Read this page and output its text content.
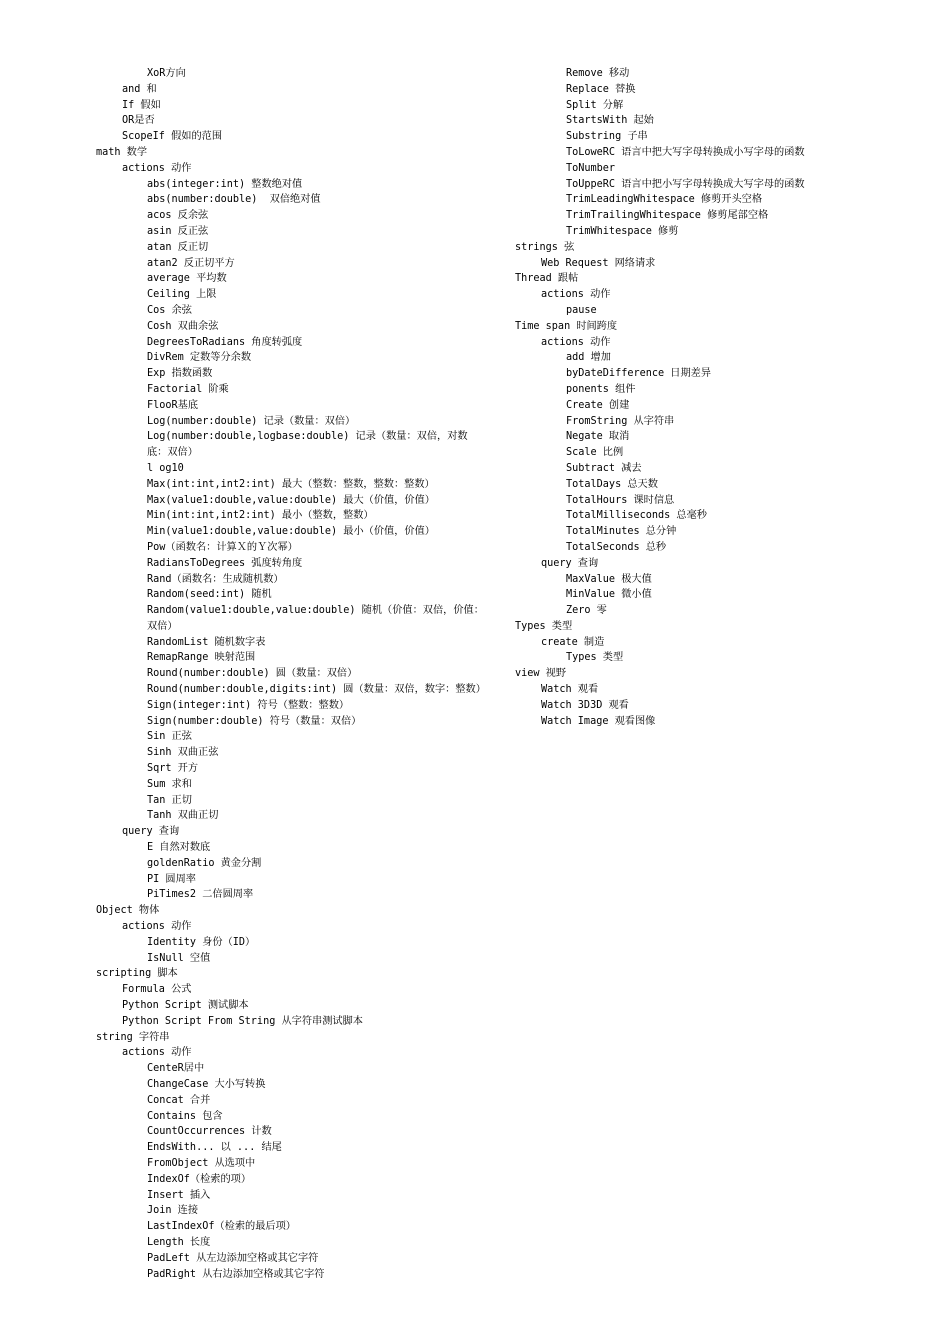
XoR方向
and 和
If 假如
OR是否
ScopeIf 假如的范围
math 数学
actions 动作
abs(integer:int) 整数绝对值
abs(number:double)  双倍绝对值
acos 反余弦
asin 反正弦
atan 反正切
atan2 反正切平方
average 平均数
Ceiling 上限
Cos 余弦
Cosh 双曲余弦
DegreesToRadians 角度转弧度
DivRem 定数等分余数
Exp 指数函数
Factorial 阶乘
FlooR基底
Log(number:double) 记录（数量：双倍）
Log(number:double,logbase:double) 记录（数量：双倍，对数
底：双倍）
l og10
Max(int:int,int2:int) 最大（整数：整数，整数：整数）
Max(value1:double,value:double) 最大（价值，价值）
Min(int:int,int2:int) 最小（整数，整数）
Min(value1:double,value:double) 最小（价值，价值）
Pow（函数名：计算Ｘ的Ｙ次幂）
RadiansToDegrees 弧度转角度
Rand（函数名：生成随机数）
Random(seed:int) 随机
Random(value1:double,value:double) 随机（价值：双倍，价值：
双倍）
RandomList 随机数字表
RemapRange 映射范围
Round(number:double) 圆（数量：双倍）
Round(number:double,digits:int) 圆（数量：双倍，数字：整数）
Sign(integer:int) 符号（整数：整数）
Sign(number:double) 符号（数量：双倍）
Sin 正弦
Sinh 双曲正弦
Sqrt 开方
Sum 求和
Tan 正切
Tanh 双曲正切
query 查询
E 自然对数底
goldenRatio 黄金分割
PI 圆周率
PiTimes2 二倍圆周率
Object 物体
actions 动作
Identity 身份（ID）
IsNull 空值
scripting 脚本
Formula 公式
Python Script 测试脚本
Python Script From String 从字符串测试脚本
string 字符串
actions 动作
CenteR居中
ChangeCase 大小写转换
Concat 合并
Contains 包含
CountOccurrences 计数
EndsWith... 以 ... 结尾
FromObject 从选项中
IndexOf（检索的项）
Insert 插入
Join 连接
LastIndexOf（检索的最后项）
Length 长度
PadLeft 从左边添加空格或其它字符
PadRight 从右边添加空格或其它字符
Remove 移动
Replace 替换
Split 分解
StartsWith 起始
Substring 子串
ToLoweRC 语言中把大写字母转换成小写字母的函数
ToNumber
ToUppeRC 语言中把小写字母转换成大写字母的函数
TrimLeadingWhitespace 修剪开头空格
TrimTrailingWhitespace 修剪尾部空格
TrimWhitespace 修剪
strings 弦
Web Request 网络请求
Thread 跟帖
actions 动作
pause
Time span 时间跨度
actions 动作
add 增加
byDateDifference 日期差异
ponents 组件
Create 创建
FromString 从字符串
Negate 取消
Scale 比例
Subtract 减去
TotalDays 总天数
TotalHours 课时信息
TotalMilliseconds 总毫秒
TotalMinutes 总分钟
TotalSeconds 总秒
query 查询
MaxValue 极大值
MinValue 微小值
Zero 零
Types 类型
create 制造
Types 类型
view 视野
Watch 观看
Watch 3D3D 观看
Watch Image 观看图像
